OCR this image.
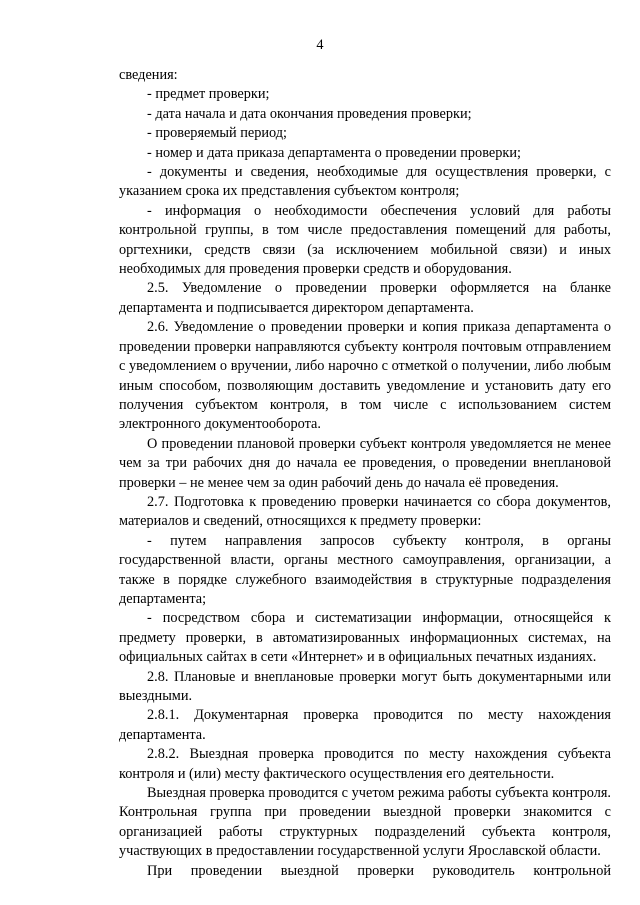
4

сведения:

- предмет проверки;

- дата начала и дата окончания проведения проверки;

- проверяемый период;

- номер и дата приказа департамента о проведении проверки;

- документы и сведения, необходимые для осуществления проверки, с указанием срока их представления субъектом контроля;

- информация о необходимости обеспечения условий для работы контрольной группы, в том числе предоставления помещений для работы, оргтехники, средств связи (за исключением мобильной связи) и иных необходимых для проведения проверки средств и оборудования.

2.5. Уведомление о проведении проверки оформляется на бланке департамента и подписывается директором департамента.

2.6. Уведомление о проведении проверки и копия приказа департамента о проведении проверки направляются субъекту контроля почтовым отправлением с уведомлением о вручении, либо нарочно с отметкой о получении, либо любым иным способом, позволяющим доставить уведомление и установить дату его получения субъектом контроля, в том числе с использованием систем электронного документооборота.

О проведении плановой проверки субъект контроля уведомляется не менее чем за три рабочих дня до начала ее проведения, о проведении внеплановой проверки – не менее чем за один рабочий день до начала её проведения.

2.7. Подготовка к проведению проверки начинается со сбора документов, материалов и сведений, относящихся к предмету проверки:

- путем направления запросов субъекту контроля, в органы государственной власти, органы местного самоуправления, организации, а также в порядке служебного взаимодействия в структурные подразделения департамента;

- посредством сбора и систематизации информации, относящейся к предмету проверки, в автоматизированных информационных системах, на официальных сайтах в сети «Интернет» и в официальных печатных изданиях.

2.8. Плановые и внеплановые проверки могут быть документарными или выездными.

2.8.1. Документарная проверка проводится по месту нахождения департамента.

2.8.2. Выездная проверка проводится по месту нахождения субъекта контроля и (или) месту фактического осуществления его деятельности.

Выездная проверка проводится с учетом режима работы субъекта контроля. Контрольная группа при проведении выездной проверки знакомится с организацией работы структурных подразделений субъекта контроля, участвующих в предоставлении государственной услуги Ярославской области.

При проведении выездной проверки руководитель контрольной
